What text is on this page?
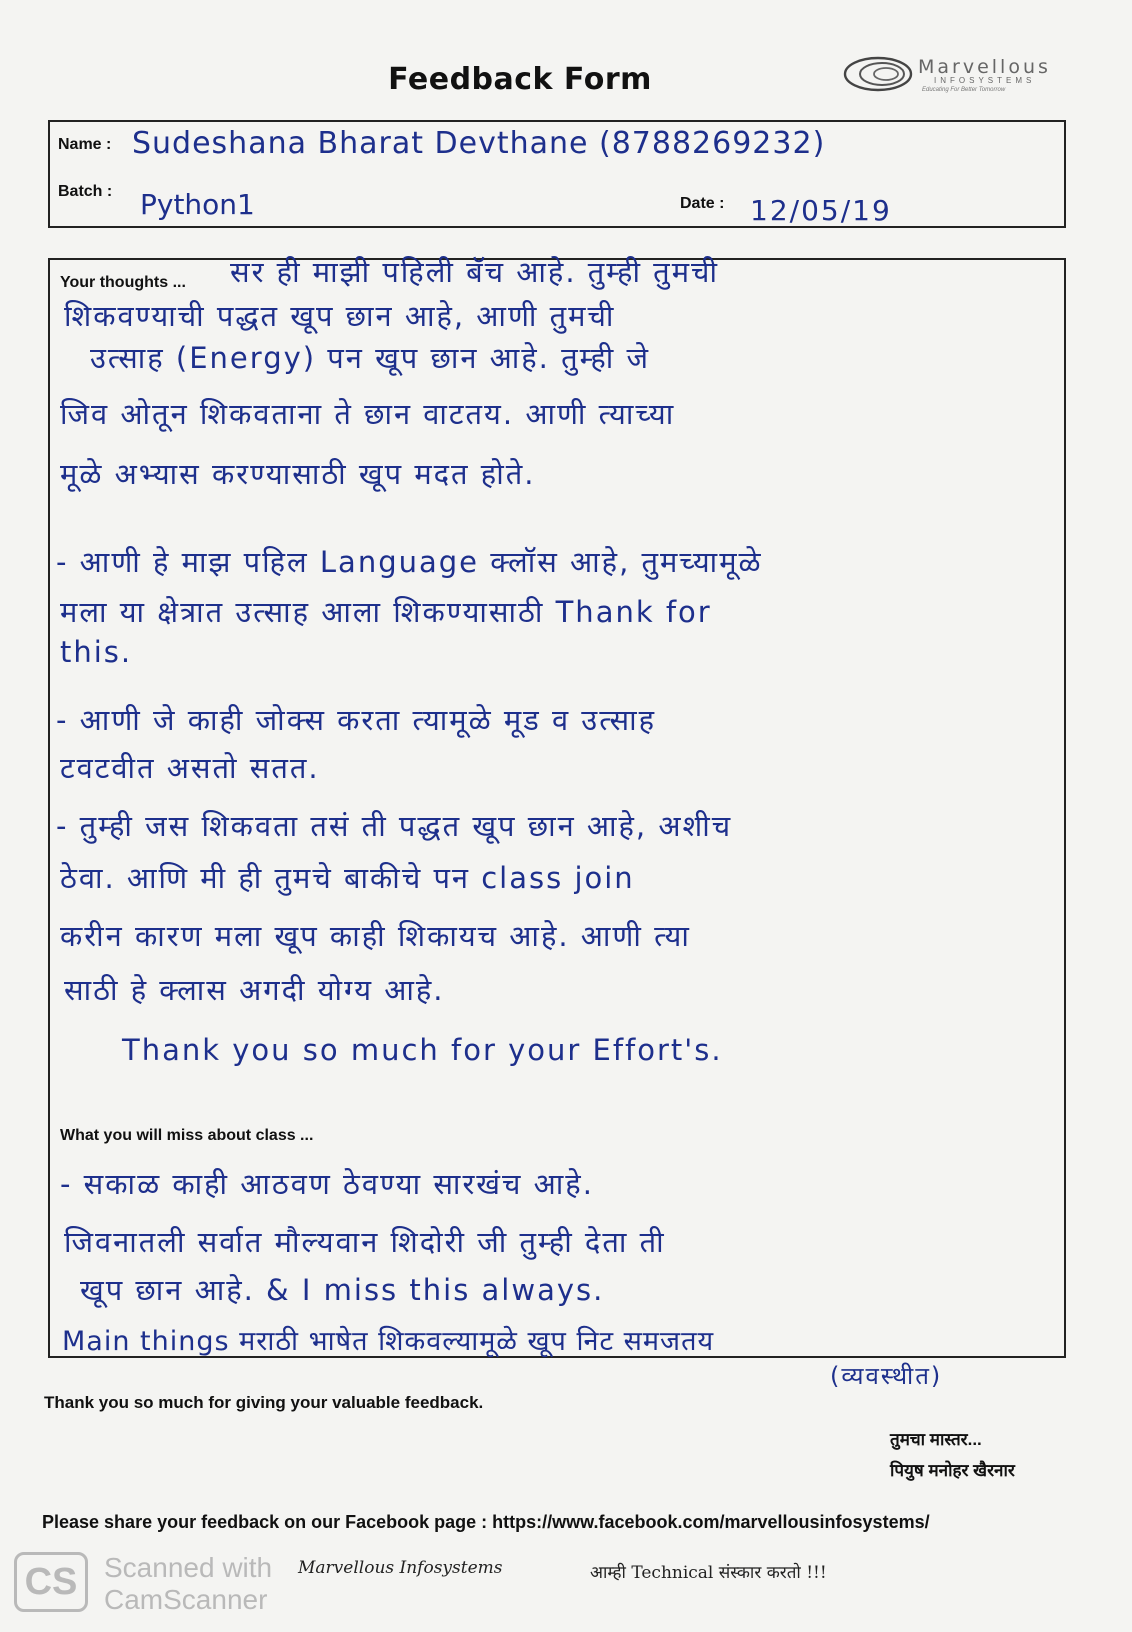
Feedback Form	Marvellous
INFOSYSTEMS
Educating For Better Tomorrow
Name : Sudeshana Bharat Devthane (8788269232)
Batch : Python1	Date : 12/05/19
Your thoughts ... सर ही माझी पहिली बॅच आहे. तुम्ही तुमची
शिकवण्याची पद्धत खूप छान आहे, आणी तुमची
उत्साह (Energy) पन खूप छान आहे. तुम्ही जे
जिव ओतून शिकवताना ते छान वाटतय. आणी त्याच्या
मूळे अभ्यास करण्यासाठी खूप मदत होते.
- आणी हे माझ पहिल Language क्लॉस आहे, तुमच्यामूळे
मला या क्षेत्रात उत्साह आला शिकण्यासाठी Thank for
this.
- आणी जे काही जोक्स करता त्यामूळे मूड व उत्साह
टवटवीत असतो सतत.
- तुम्ही जस शिकवता तसं ती पद्धत खूप छान आहे, अशीच
ठेवा. आणि मी ही तुमचे बाकीचे पन class join
करीन कारण मला खूप काही शिकायच आहे. आणी त्या
साठी हे क्लास अगदी योग्य आहे.
Thank you so much for your Effort's.
What you will miss about class ...
- सकाळ काही आठवण ठेवण्या सारखंच आहे.
जिवनातली सर्वात मौल्यवान शिदोरी जी तुम्ही देता ती
खूप छान आहे. & I miss this always.
Main things मराठी भाषेत शिकवल्यामूळे खूप निट समजतय
(व्यवस्थीत)
Thank you so much for giving your valuable feedback.
तुमचा मास्तर...
पियुष मनोहर खैरनार
Please share your feedback on our Facebook page : https://www.facebook.com/marvellousinfosystems/
CS Scanned with
CamScanner
Marvellous Infosystems	आम्ही Technical संस्कार करतो !!!
